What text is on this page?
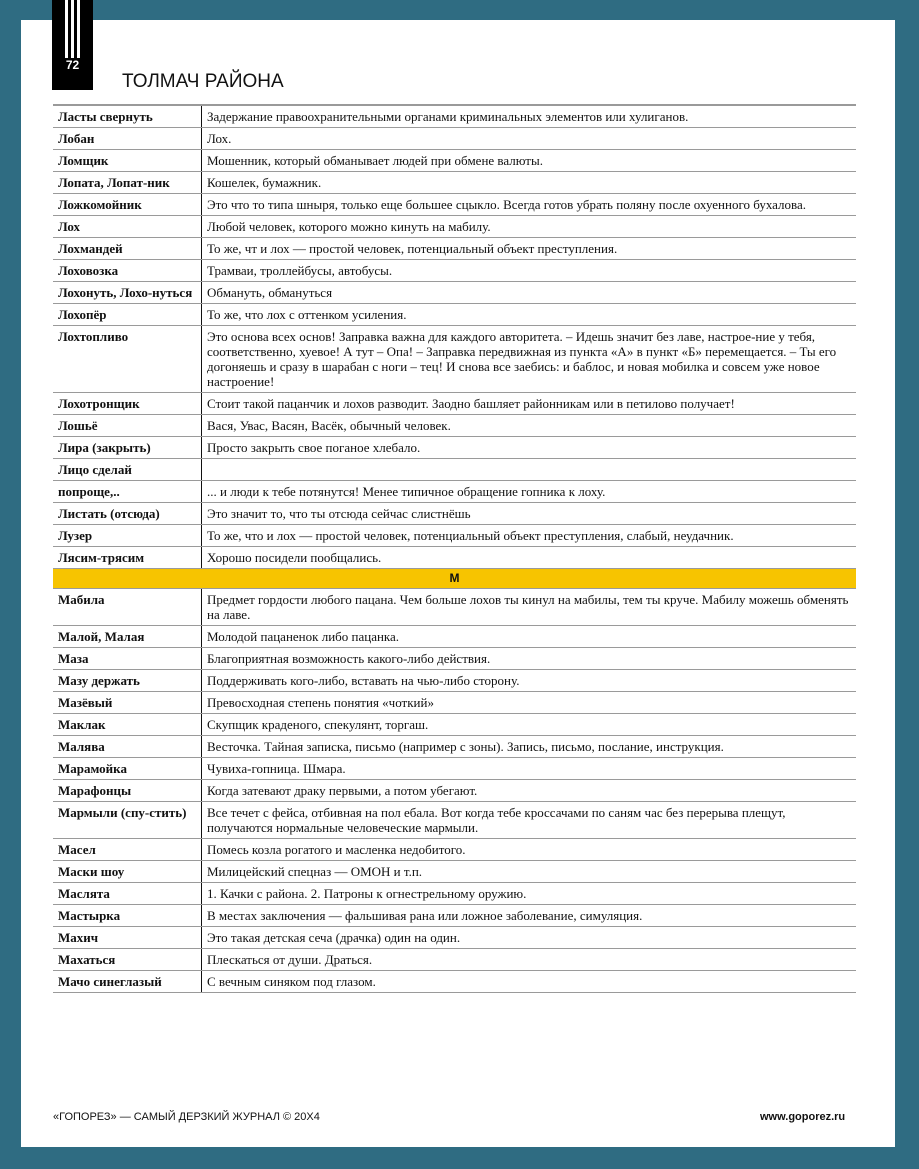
72
ТОЛМАЧ РАЙОНА
Ласты свернуть	Задержание правоохранительными органами криминальных элементов или хулиганов.
Лобан	Лох.
Ломщик	Мошенник, который обманывает людей при обмене валюты.
Лопата, Лопат-ник	Кошелек, бумажник.
Ложкомойник	Это что то типа шныря, только еще большее сцыкло. Всегда готов убрать поляну после охуенного бухалова.
Лох	Любой человек, которого можно кинуть на мабилу.
Лохмандей	То же, чт и лох — простой человек, потенциальный объект преступления.
Лоховозка	Трамваи, троллейбусы, автобусы.
Лохонуть, Лохо-нуться	Обмануть, обмануться
Лохопёр	То же, что лох с оттенком усиления.
Лохтопливо	Это основа всех основ! Заправка важна для каждого авторитета. – Идешь значит без лаве, настрое-ние у тебя, соответственно, хуевое! А тут – Опа! – Заправка передвижная из пункта «А» в пункт «Б» перемещается. – Ты его догоняешь и сразу в шарабан с ноги – тец! И снова все заебись: и баблос, и новая мобилка и совсем уже новое настроение!
Лохотронщик	Стоит такой пацанчик и лохов разводит. Заодно башляет районникам или в петилово получает!
Лошьё	Вася, Увас, Васян, Васёк, обычный человек.
Лира (закрыть)	Просто закрыть свое поганое хлебало.
Лицо сделай	
попроще,..	... и люди к тебе потянутся! Менее типичное обращение гопника к лоху.
Листать (отсюда)	Это значит то, что ты отсюда сейчас слистнёшь
Лузер	То же, что и лох — простой человек, потенциальный объект преступления, слабый, неудачник.
Лясим-трясим	Хорошо посидели пообщались.
М	
Мабила	Предмет гордости любого пацана. Чем больше лохов ты кинул на мабилы, тем ты круче. Мабилу можешь обменять на лаве.
Малой, Малая	Молодой пацаненок либо пацанка.
Маза	Благоприятная возможность какого-либо действия.
Мазу держать	Поддерживать кого-либо, вставать на чью-либо сторону.
Мазёвый	Превосходная степень понятия «чоткий»
Маклак	Скупщик краденого, спекулянт, торгаш.
Малява	Весточка. Тайная записка, письмо (например с зоны). Запись, письмо, послание, инструкция.
Марамойка	Чувиха-гопница. Шмара.
Марафонцы	Когда затевают драку первыми, а потом убегают.
Мармыли (спу-стить)	Все течет с фейса, отбивная на пол ебала. Вот когда тебе кроссачами по саням час без перерыва плещут, получаются нормальные человеческие мармыли.
Масел	Помесь козла рогатого и масленка недобитого.
Маски шоу	Милицейский спецназ — ОМОН и т.п.
Маслята	1. Качки с района. 2. Патроны к огнестрельному оружию.
Мастырка	В местах заключения — фальшивая рана или ложное заболевание, симуляция.
Махич	Это такая детская сеча (драчка) один на один.
Махаться	Плескаться от души. Драться.
Мачо синеглазый	С вечным синяком под глазом.
«ГОПОРЕЗ» — САМЫЙ ДЕРЗКИЙ ЖУРНАЛ © 20Х4	www.goporez.ru
